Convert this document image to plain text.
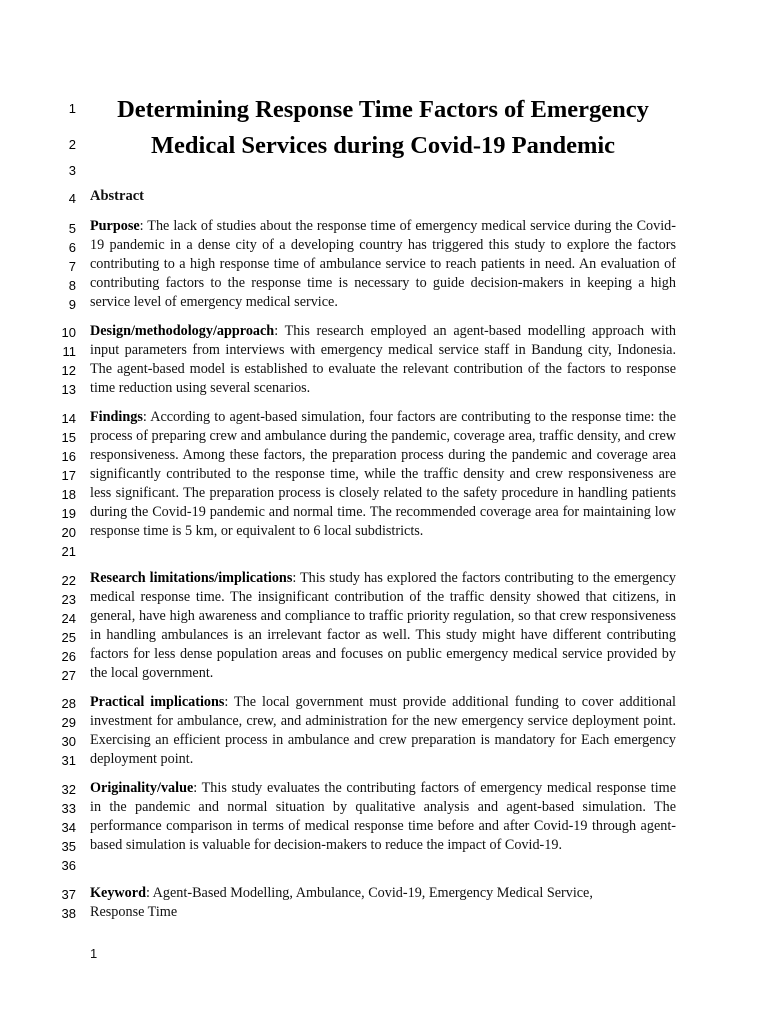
1
2
3
4
5
6
7
8
9
10
11
12
13
14
15
16
17
18
19
20
21
22
23
24
25
26
27
28
29
30
31
32
33
34
35
36
37
38
Determining Response Time Factors of Emergency
Medical Services during Covid-19 Pandemic
Abstract
Purpose: The lack of studies about the response time of emergency medical service during the Covid-19 pandemic in a dense city of a developing country has triggered this study to explore the factors contributing to a high response time of ambulance service to reach patients in need. An evaluation of contributing factors to the response time is necessary to guide decision-makers in keeping a high service level of emergency medical service.
Design/methodology/approach: This research employed an agent-based modelling approach with input parameters from interviews with emergency medical service staff in Bandung city, Indonesia. The agent-based model is established to evaluate the relevant contribution of the factors to response time reduction using several scenarios.
Findings: According to agent-based simulation, four factors are contributing to the response time: the process of preparing crew and ambulance during the pandemic, coverage area, traffic density, and crew responsiveness. Among these factors, the preparation process during the pandemic and coverage area significantly contributed to the response time, while the traffic density and crew responsiveness are less significant. The preparation process is closely related to the safety procedure in handling patients during the Covid-19 pandemic and normal time. The recommended coverage area for maintaining low response time is 5 km, or equivalent to 6 local subdistricts.
Research limitations/implications: This study has explored the factors contributing to the emergency medical response time. The insignificant contribution of the traffic density showed that citizens, in general, have high awareness and compliance to traffic priority regulation, so that crew responsiveness in handling ambulances is an irrelevant factor as well. This study might have different contributing factors for less dense population areas and focuses on public emergency medical service provided by the local government.
Practical implications: The local government must provide additional funding to cover additional investment for ambulance, crew, and administration for the new emergency service deployment point. Exercising an efficient process in ambulance and crew preparation is mandatory for Each emergency deployment point.
Originality/value: This study evaluates the contributing factors of emergency medical response time in the pandemic and normal situation by qualitative analysis and agent-based simulation. The performance comparison in terms of medical response time before and after Covid-19 through agent-based simulation is valuable for decision-makers to reduce the impact of Covid-19.
Keyword: Agent-Based Modelling, Ambulance, Covid-19, Emergency Medical Service,
Response Time
1
